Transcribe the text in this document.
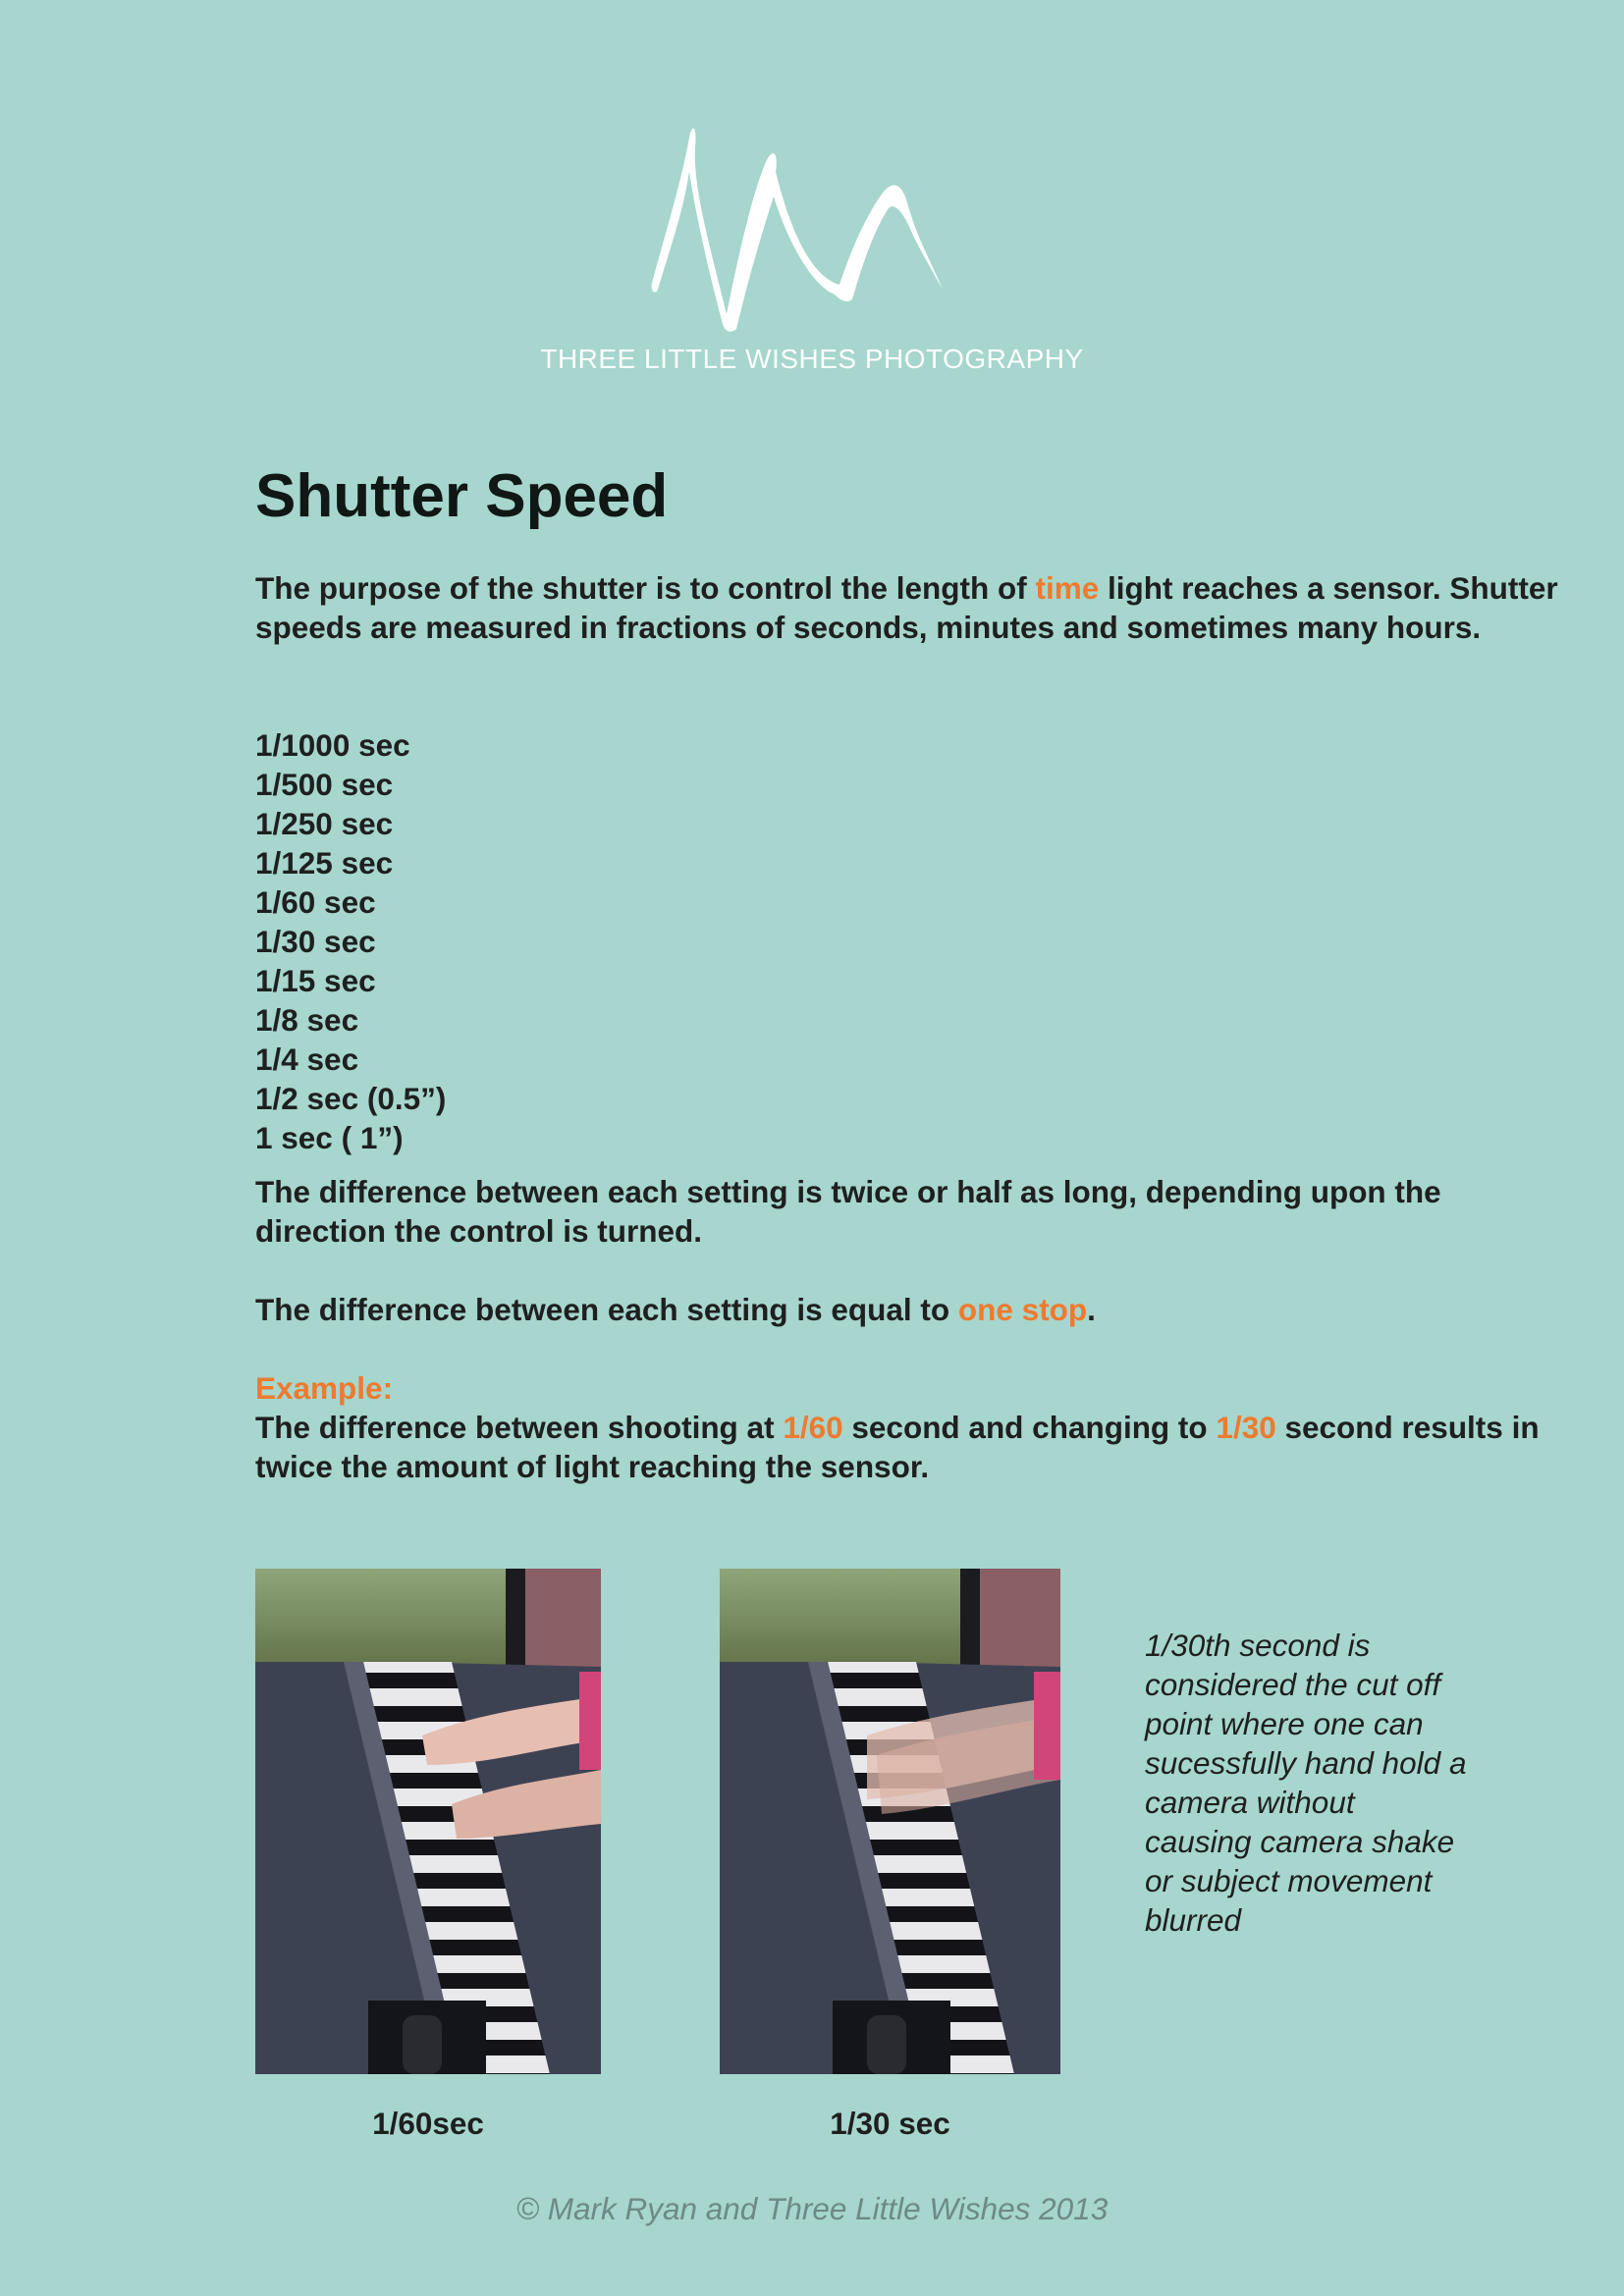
THREE LITTLE WISHES PHOTOGRAPHY
Shutter Speed
The purpose of the shutter is to control the length of time light reaches a sensor. Shutter speeds are measured in fractions of seconds, minutes and sometimes many hours.
1/1000 sec
1/500 sec
1/250 sec
1/125 sec
1/60 sec
1/30 sec
1/15 sec
1/8 sec
1/4 sec
1/2 sec (0.5”)
1 sec ( 1”)
The difference between each setting is twice or half as long, depending upon the direction the control is turned.
The difference between each setting is equal to one stop.
Example:
The difference between shooting at 1/60 second and changing to 1/30 second results in twice the amount of light reaching the sensor.
1/60sec	1/30 sec
1/30th second is considered the cut off point where one can sucessfully hand hold a camera without causing camera shake or subject movement blurred
© Mark Ryan and Three Little Wishes 2013
